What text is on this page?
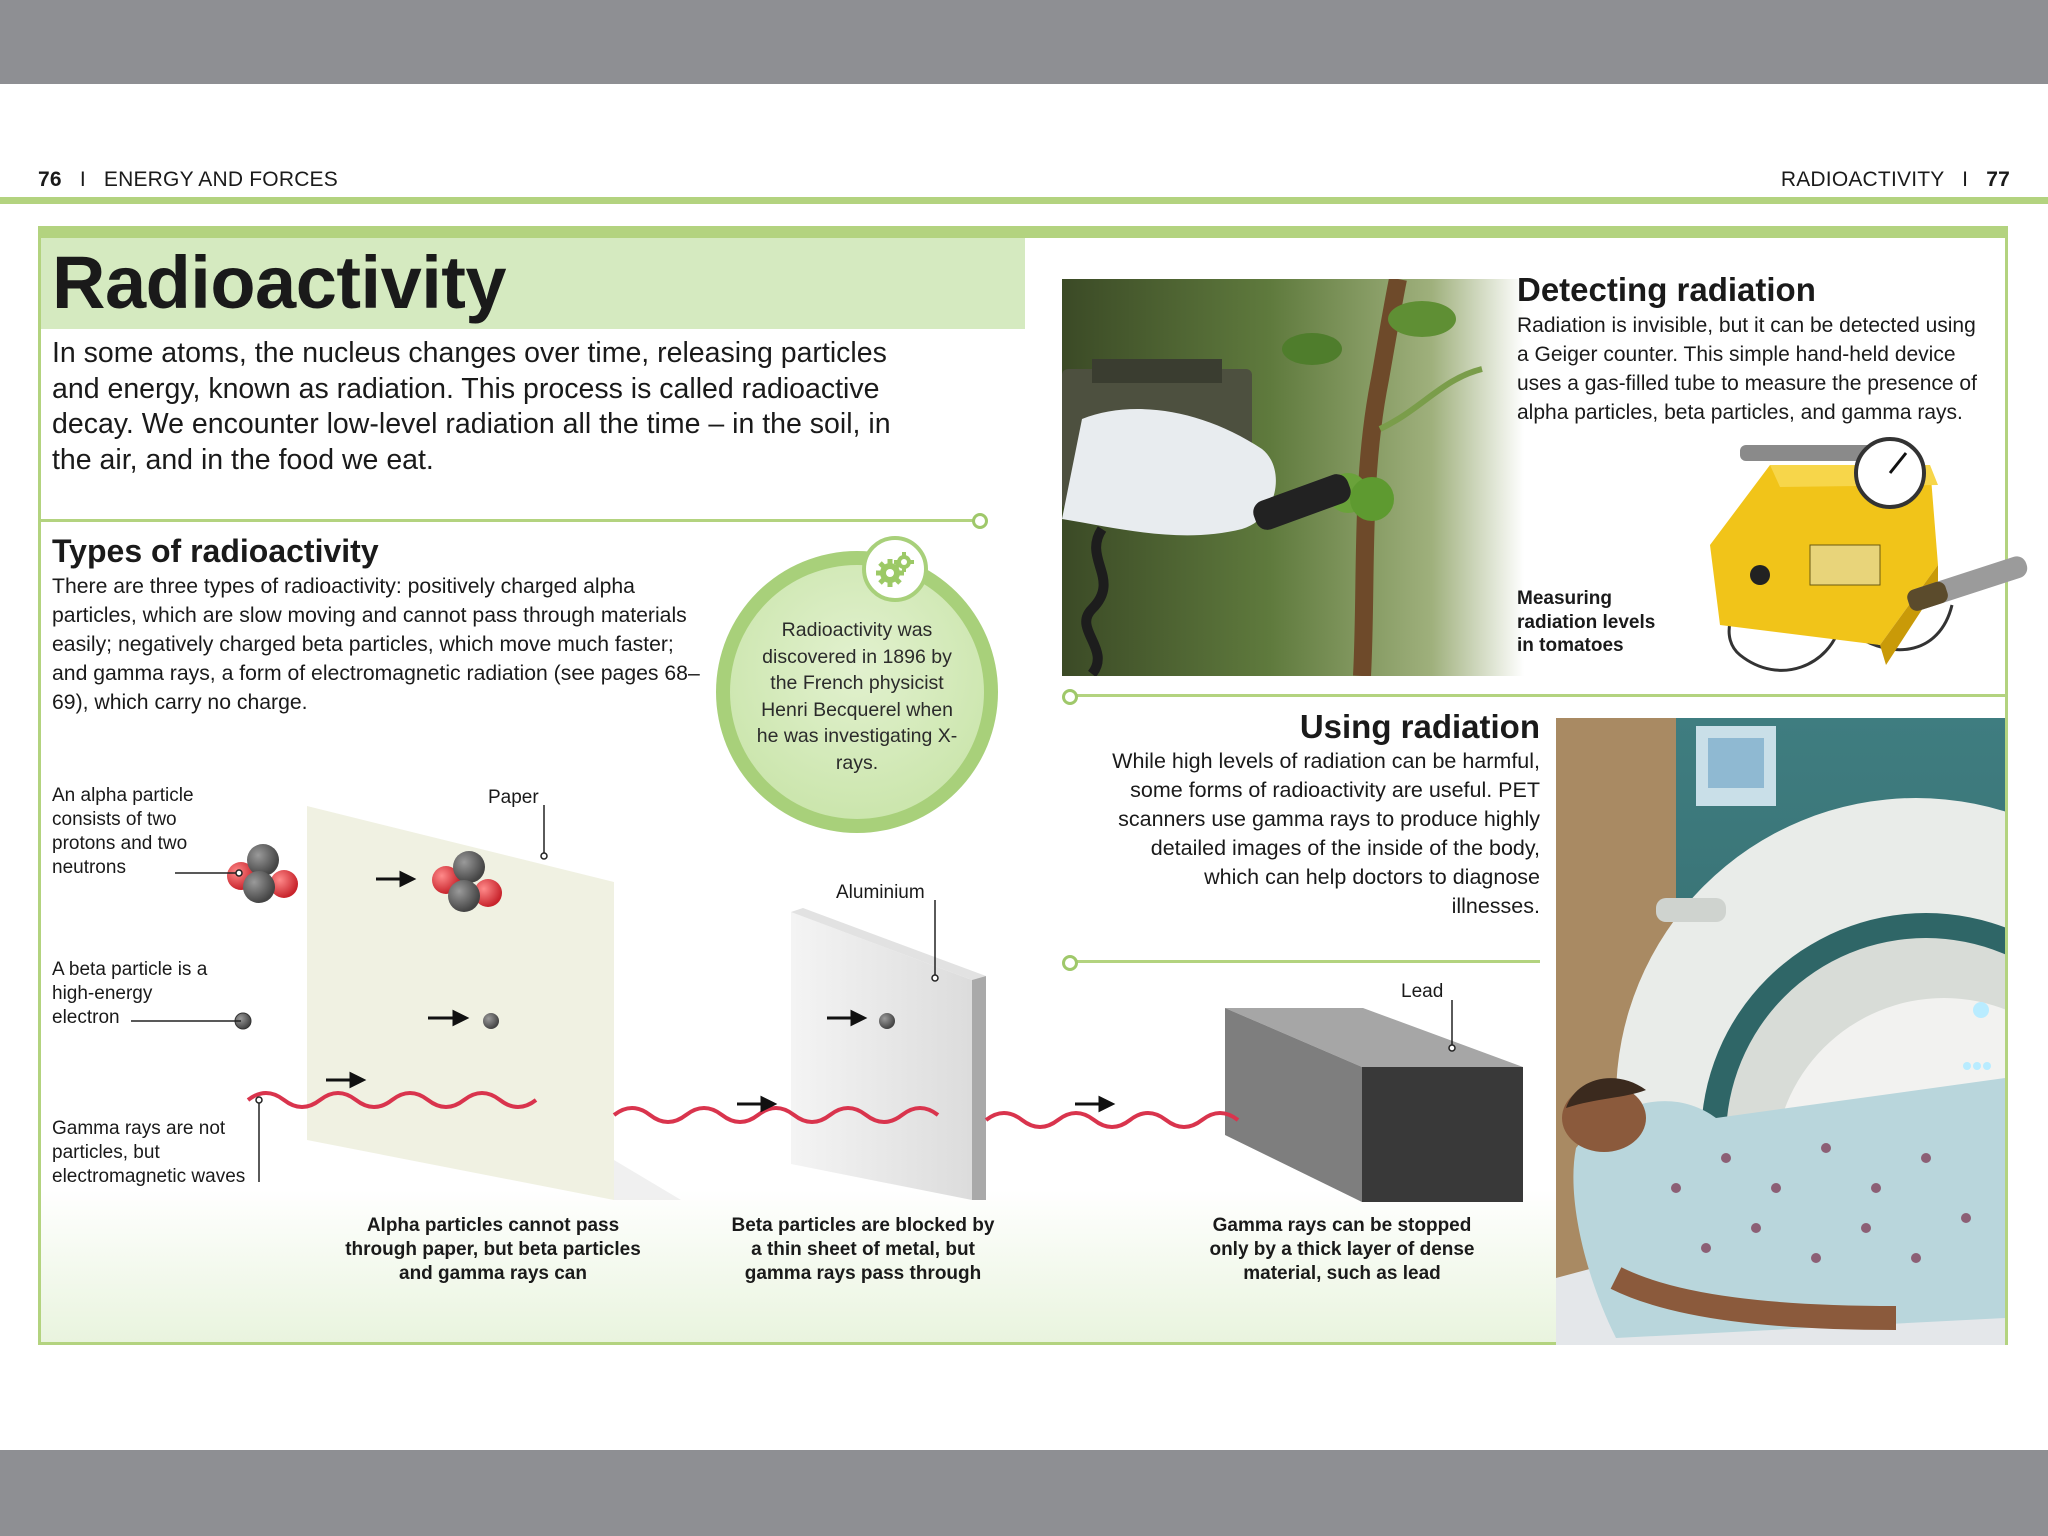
76 I ENERGY AND FORCES	RADIOACTIVITY I 77
Radioactivity
In some atoms, the nucleus changes over time, releasing particles and energy, known as radiation. This process is called radioactive decay. We encounter low-level radiation all the time – in the soil, in the air, and in the food we eat.
Types of radioactivity
There are three types of radioactivity: positively charged alpha particles, which are slow moving and cannot pass through materials easily; negatively charged beta particles, which move much faster; and gamma rays, a form of electromagnetic radiation (see pages 68–69), which carry no charge.
Radioactivity was discovered in 1896 by the French physicist Henri Becquerel when he was investigating X-rays.
An alpha particle consists of two protons and two neutrons
A beta particle is a high-energy electron
Gamma rays are not particles, but electromagnetic waves
Paper
Aluminium
Lead
Alpha particles cannot pass through paper, but beta particles and gamma rays can
Beta particles are blocked by a thin sheet of metal, but gamma rays pass through
Gamma rays can be stopped only by a thick layer of dense material, such as lead
Detecting radiation
Radiation is invisible, but it can be detected using a Geiger counter. This simple hand-held device uses a gas-filled tube to measure the presence of alpha particles, beta particles, and gamma rays.
Measuring radiation levels in tomatoes
Using radiation
While high levels of radiation can be harmful, some forms of radioactivity are useful. PET scanners use gamma rays to produce highly detailed images of the inside of the body, which can help doctors to diagnose illnesses.
